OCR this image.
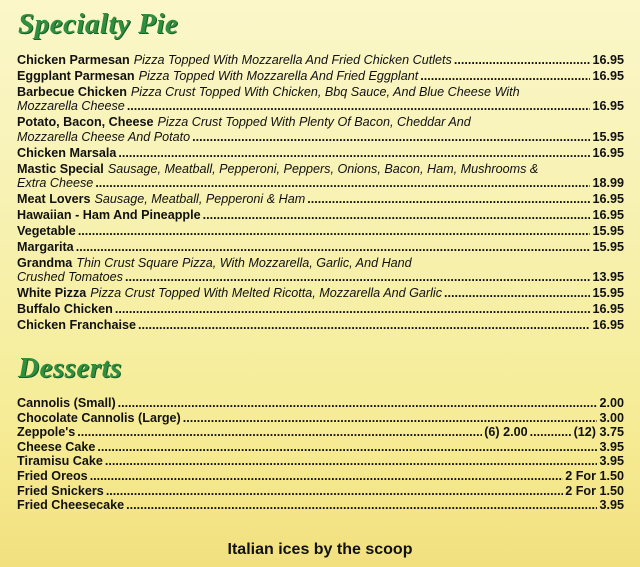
Specialty Pie
Chicken Parmesan Pizza Topped With Mozzarella And Fried Chicken Cutlets .....	16.95
Eggplant Parmesan Pizza Topped With Mozzarella And Fried Eggplant .....	16.95
Barbecue Chicken Pizza Crust Topped With Chicken, Bbq Sauce, And Blue Cheese With
Mozzarella Cheese .....	16.95
Potato, Bacon, Cheese Pizza Crust Topped With Plenty Of Bacon, Cheddar And
Mozzarella Cheese And Potato .....	15.95
Chicken Marsala .....	16.95
Mastic Special Sausage, Meatball, Pepperoni, Peppers, Onions, Bacon, Ham, Mushrooms &
Extra Cheese .....	18.99
Meat Lovers Sausage, Meatball, Pepperoni & Ham .....	16.95
Hawaiian - Ham And Pineapple .....	16.95
Vegetable .....	15.95
Margarita .....	15.95
Grandma Thin Crust Square Pizza, With Mozzarella, Garlic, And Hand
Crushed Tomatoes .....	13.95
White Pizza Pizza Crust Topped With Melted Ricotta, Mozzarella And Garlic .....	15.95
Buffalo Chicken .....	16.95
Chicken Franchaise .....	16.95
Desserts
Cannolis (Small) .....	2.00
Chocolate Cannolis (Large) .....	3.00
Zeppole's .....	(6) 2.00 .....	(12) 3.75
Cheese Cake .....	3.95
Tiramisu Cake .....	3.95
Fried Oreos .....	2 For 1.50
Fried Snickers .....	2 For 1.50
Fried Cheesecake .....	3.95
Italian ices by the scoop
